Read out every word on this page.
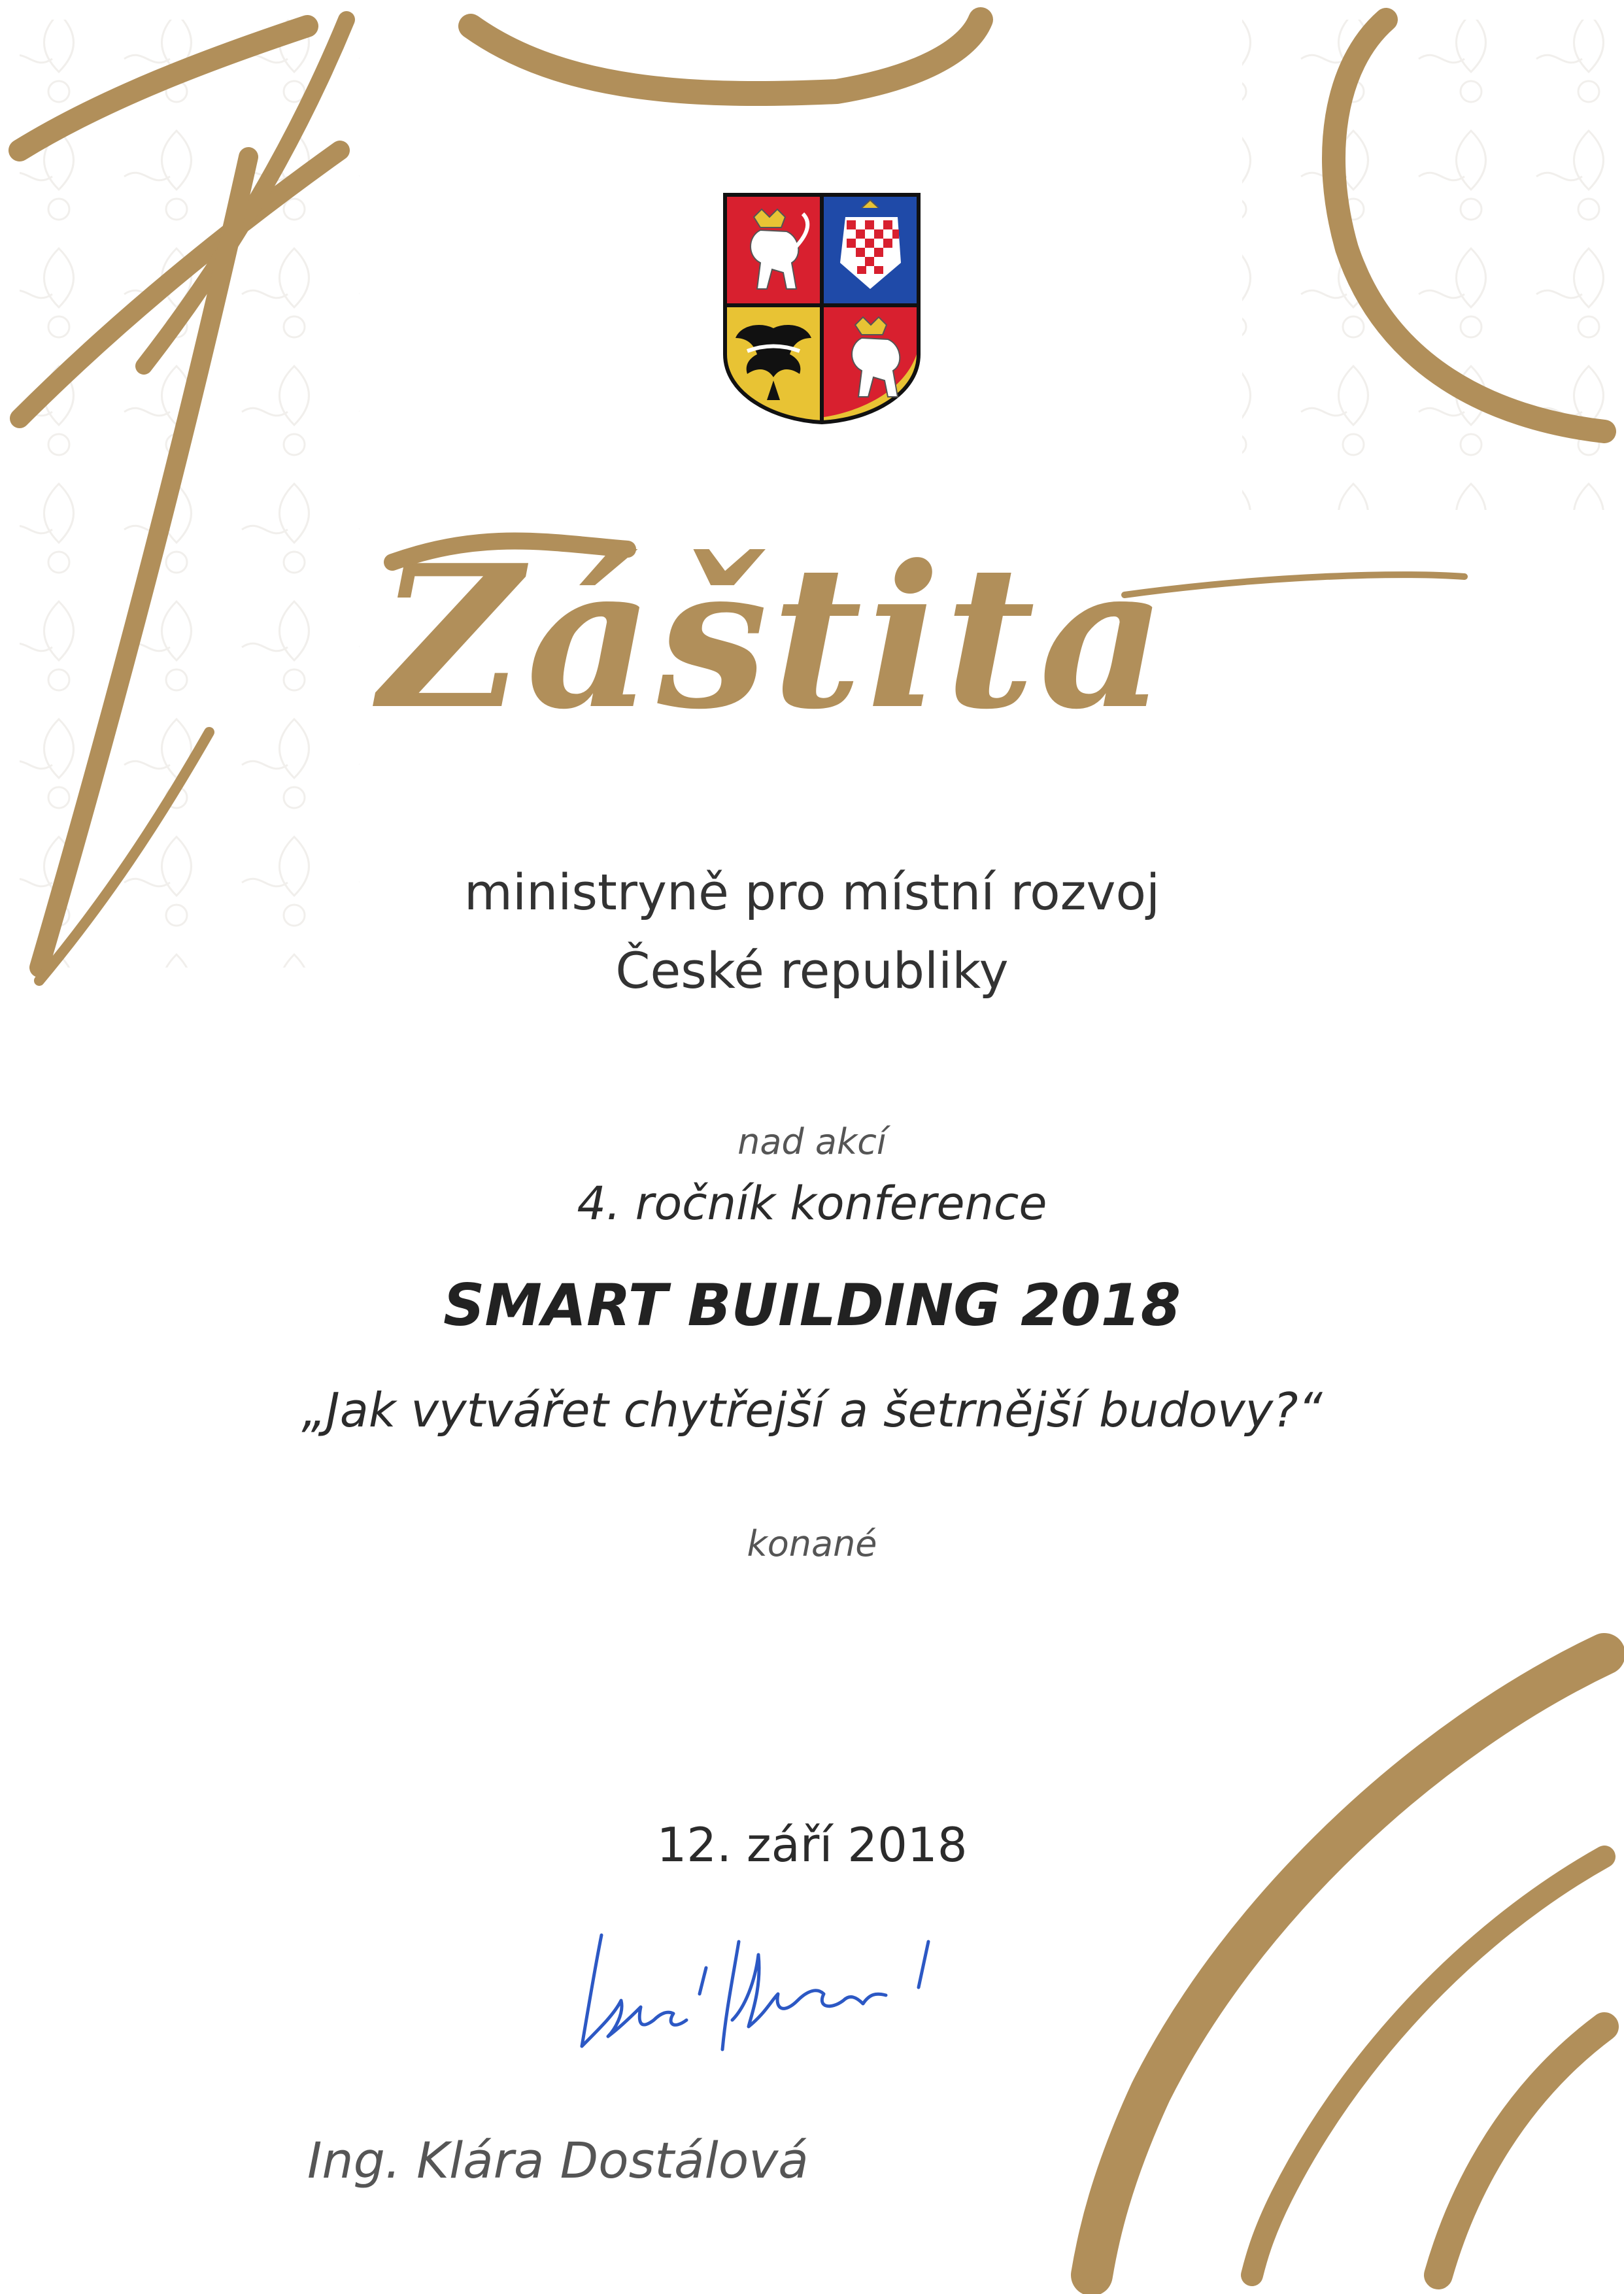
Záštita
ministryně pro místní rozvoj
České republiky
nad akcí
4. ročník konference
SMART BUILDING 2018
„Jak vytvářet chytřejší a šetrnější budovy?“
konané
12. září 2018
Ing. Klára Dostálová
